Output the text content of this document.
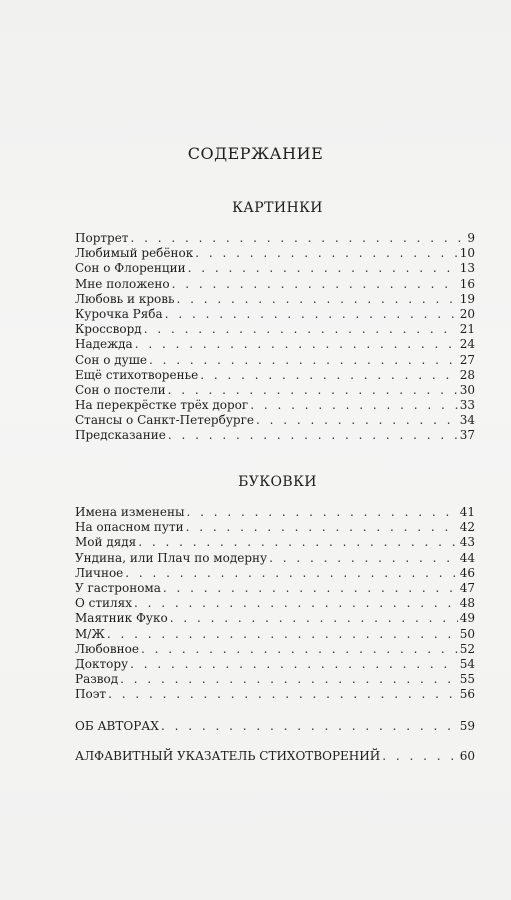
СОДЕРЖАНИЕ
КАРТИНКИ
Портрет . . .	9
Любимый ребёнок . . .	10
Сон о Флоренции . . .	13
Мне положено . . .	16
Любовь и кровь . . .	19
Курочка Ряба . . .	20
Кроссворд . . .	21
Надежда . . .	24
Сон о душе . . .	27
Ещё стихотворенье . . .	28
Сон о постели . . .	30
На перекрёстке трёх дорог . . .	33
Стансы о Санкт-Петербурге . . .	34
Предсказание . . .	37
БУКОВКИ
Имена изменены . . .	41
На опасном пути . . .	42
Мой дядя . . .	43
Ундина, или Плач по модерну . . .	44
Личное . . .	46
У гастронома . . .	47
О стилях . . .	48
Маятник Фуко . . .	49
М/Ж . . .	50
Любовное . . .	52
Доктору . . .	54
Развод . . .	55
Поэт . . .	56
ОБ АВТОРАХ . . .	59
АЛФАВИТНЫЙ УКАЗАТЕЛЬ СТИХОТВОРЕНИЙ . . .	60
